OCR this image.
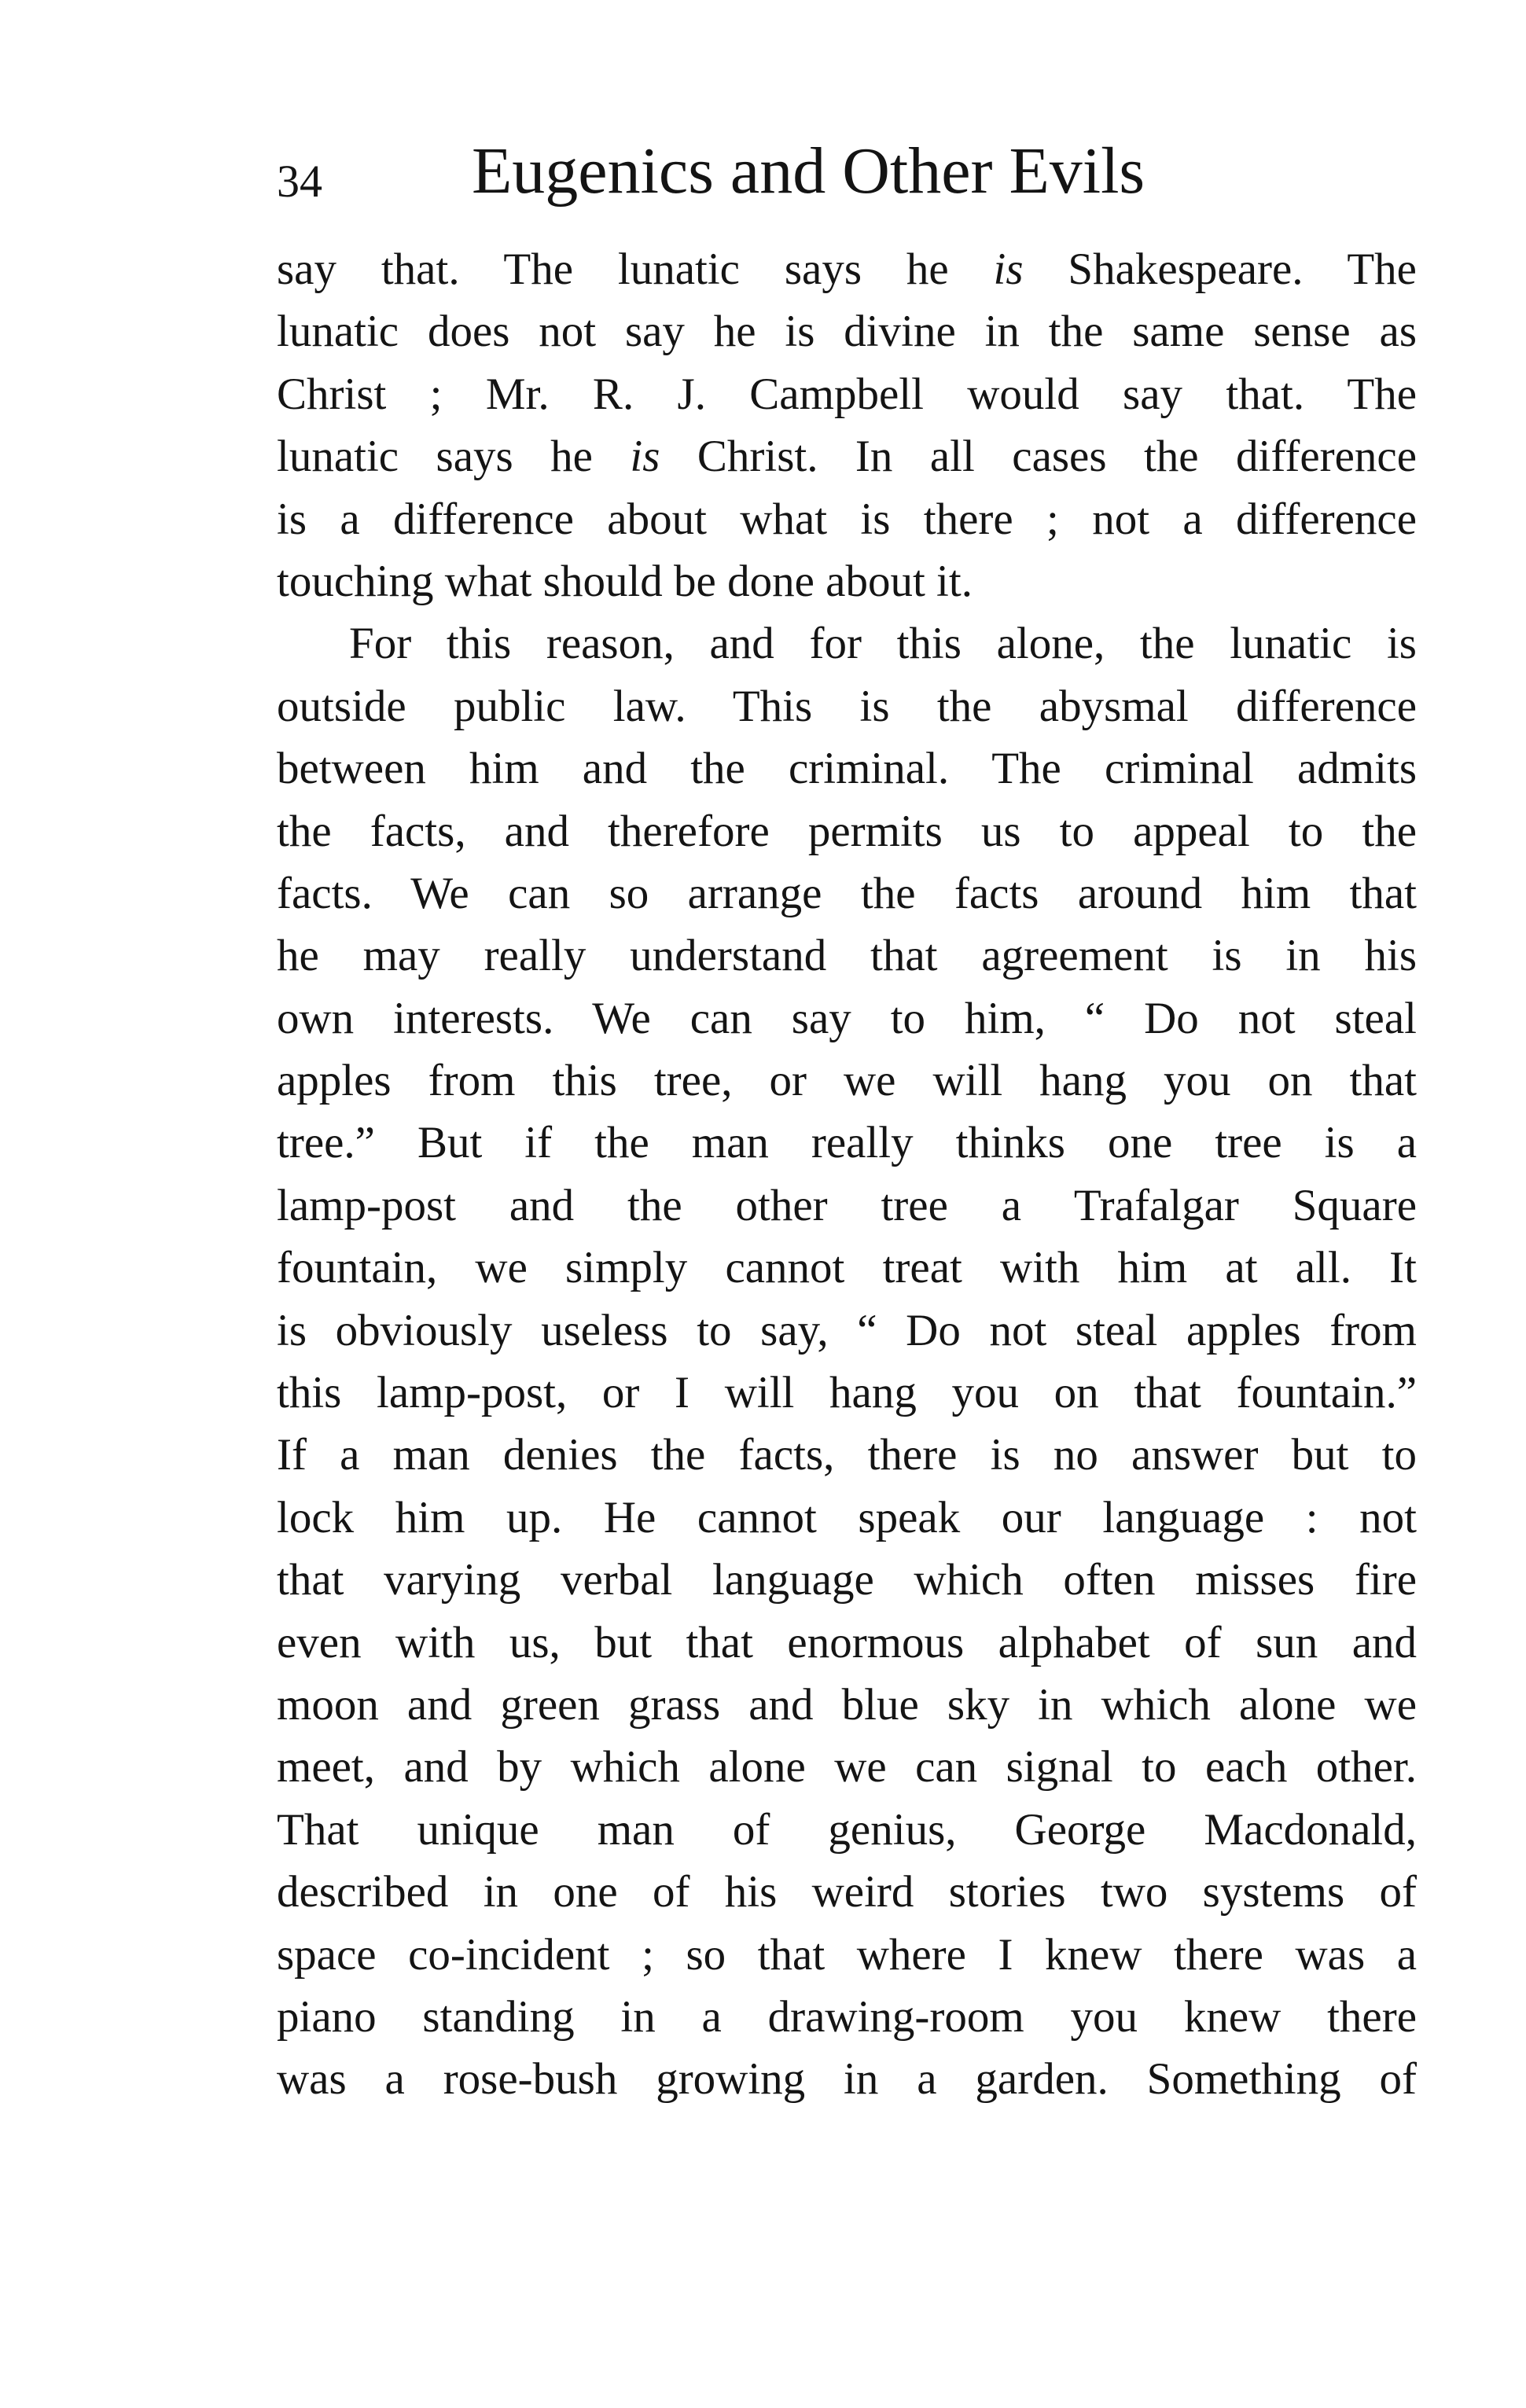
34 Eugenics and Other Evils
say that. The lunatic says he is Shakespeare. The
lunatic does not say he is divine in the same sense as
Christ ; Mr. R. J. Campbell would say that. The
lunatic says he is Christ. In all cases the difference
is a difference about what is there ; not a difference
touching what should be done about it.
For this reason, and for this alone, the lunatic is
outside public law. This is the abysmal difference
between him and the criminal. The criminal admits
the facts, and therefore permits us to appeal to the
facts. We can so arrange the facts around him that
he may really understand that agreement is in his
own interests. We can say to him, “ Do not steal
apples from this tree, or we will hang you on that
tree.” But if the man really thinks one tree is a
lamp-post and the other tree a Trafalgar Square
fountain, we simply cannot treat with him at all. It
is obviously useless to say, “ Do not steal apples from
this lamp-post, or I will hang you on that fountain.”
If a man denies the facts, there is no answer but to
lock him up. He cannot speak our language : not
that varying verbal language which often misses fire
even with us, but that enormous alphabet of sun and
moon and green grass and blue sky in which alone we
meet, and by which alone we can signal to each other.
That unique man of genius, George Macdonald,
described in one of his weird stories two systems of
space co-incident ; so that where I knew there was a
piano standing in a drawing-room you knew there
was a rose-bush growing in a garden. Something of
